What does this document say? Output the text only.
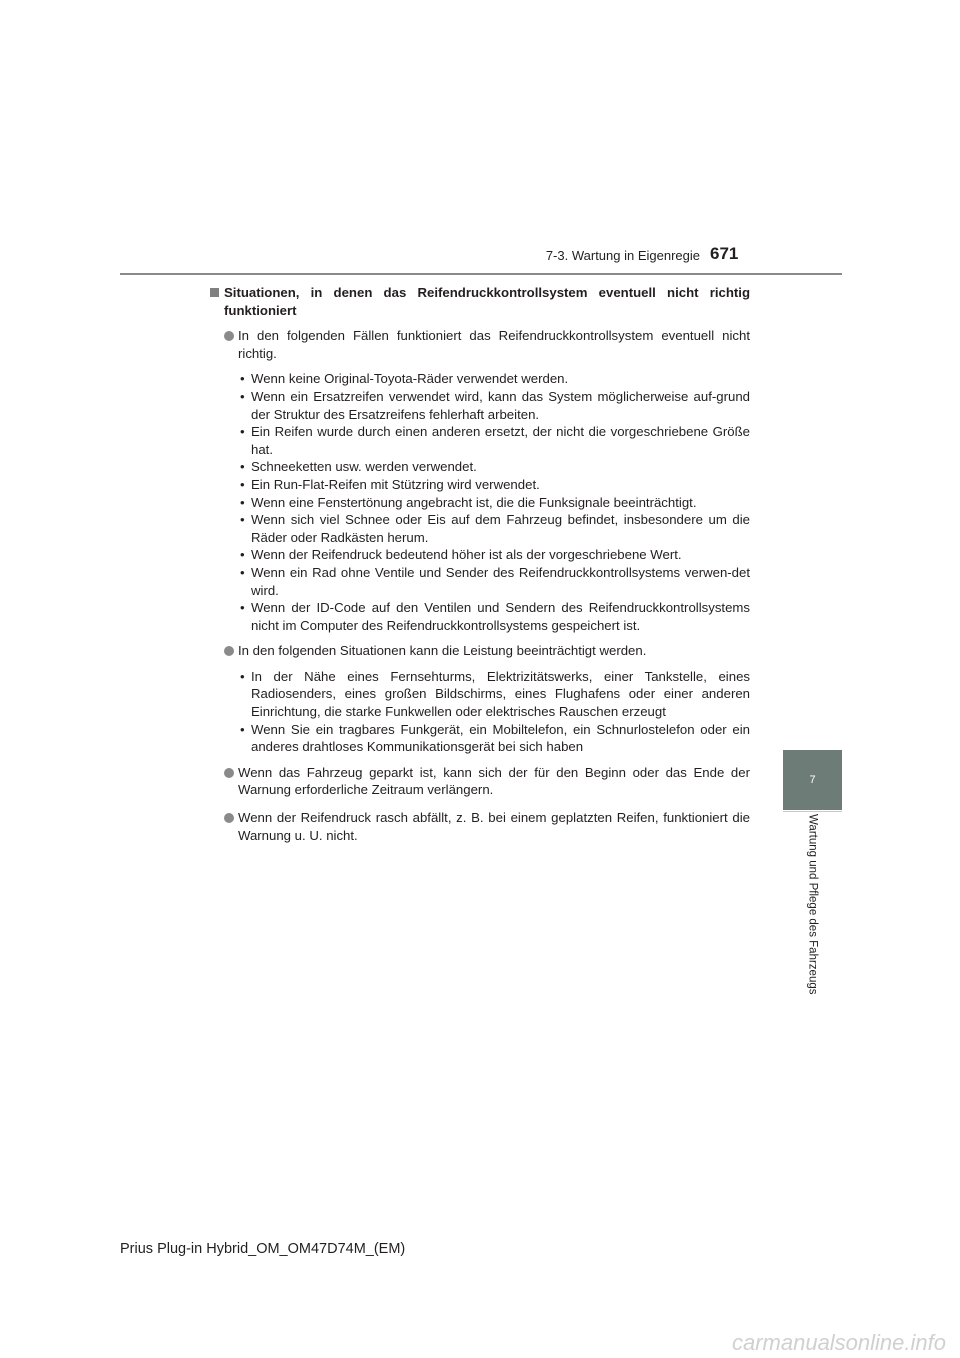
7-3. Wartung in Eigenregie 671
Situationen, in denen das Reifendruckkontrollsystem eventuell nicht richtig funktioniert
In den folgenden Fällen funktioniert das Reifendruckkontrollsystem eventuell nicht richtig.
• Wenn keine Original-Toyota-Räder verwendet werden.
• Wenn ein Ersatzreifen verwendet wird, kann das System möglicherweise auf-grund der Struktur des Ersatzreifens fehlerhaft arbeiten.
• Ein Reifen wurde durch einen anderen ersetzt, der nicht die vorgeschriebene Größe hat.
• Schneeketten usw. werden verwendet.
• Ein Run-Flat-Reifen mit Stützring wird verwendet.
• Wenn eine Fenstertönung angebracht ist, die die Funksignale beeinträchtigt.
• Wenn sich viel Schnee oder Eis auf dem Fahrzeug befindet, insbesondere um die Räder oder Radkästen herum.
• Wenn der Reifendruck bedeutend höher ist als der vorgeschriebene Wert.
• Wenn ein Rad ohne Ventile und Sender des Reifendruckkontrollsystems verwen-det wird.
• Wenn der ID-Code auf den Ventilen und Sendern des Reifendruckkontrollsystems nicht im Computer des Reifendruckkontrollsystems gespeichert ist.
In den folgenden Situationen kann die Leistung beeinträchtigt werden.
• In der Nähe eines Fernsehturms, Elektrizitätswerks, einer Tankstelle, eines Radiosenders, eines großen Bildschirms, eines Flughafens oder einer anderen Einrichtung, die starke Funkwellen oder elektrisches Rauschen erzeugt
• Wenn Sie ein tragbares Funkgerät, ein Mobiltelefon, ein Schnurlostelefon oder ein anderes drahtloses Kommunikationsgerät bei sich haben
Wenn das Fahrzeug geparkt ist, kann sich der für den Beginn oder das Ende der Warnung erforderliche Zeitraum verlängern.
Wenn der Reifendruck rasch abfällt, z. B. bei einem geplatzten Reifen, funktioniert die Warnung u. U. nicht.
7
Wartung und Pflege des Fahrzeugs
Prius Plug-in Hybrid_OM_OM47D74M_(EM)
carmanualsonline.info
